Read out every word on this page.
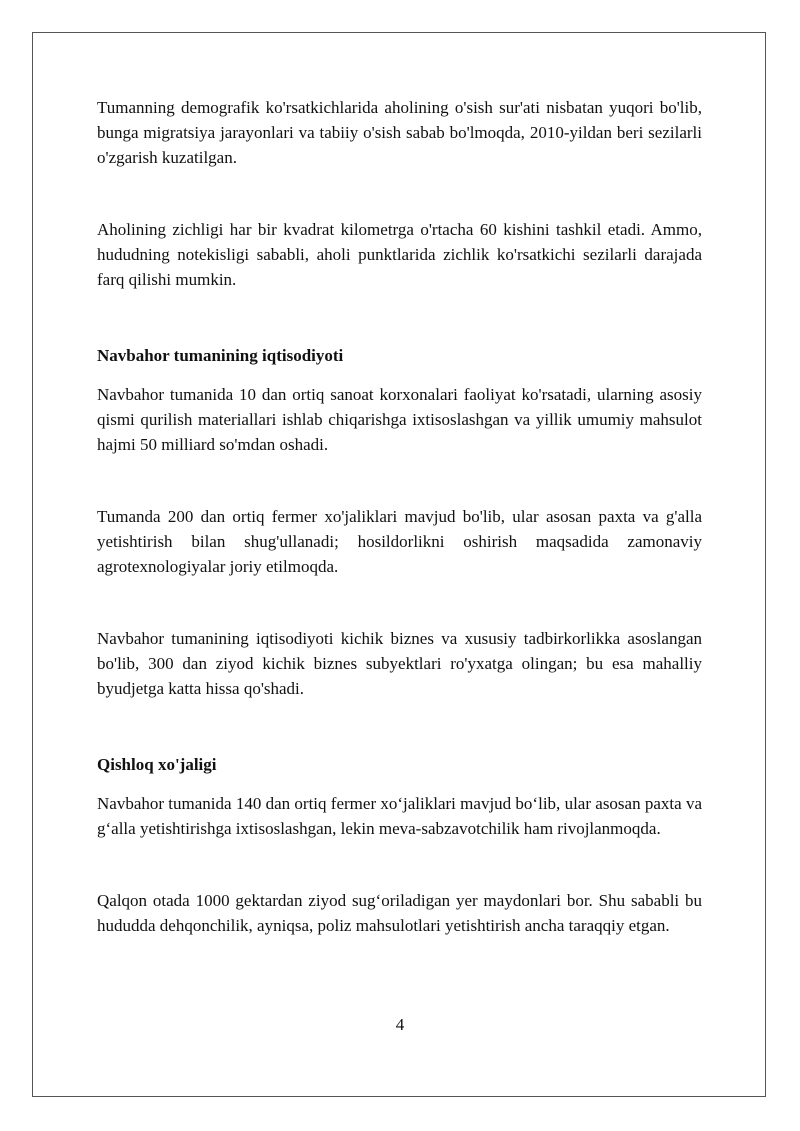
Tumanning demografik ko'rsatkichlarida aholining o'sish sur'ati nisbatan yuqori bo'lib, bunga migratsiya jarayonlari va tabiiy o'sish sabab bo'lmoqda, 2010-yildan beri sezilarli o'zgarish kuzatilgan.

Aholining zichligi har bir kvadrat kilometrga o'rtacha 60 kishini tashkil etadi. Ammo, hududning notekisligi sababli, aholi punktlarida zichlik ko'rsatkichi sezilarli darajada farq qilishi mumkin.

Navbahor tumanining iqtisodiyoti

Navbahor tumanida 10 dan ortiq sanoat korxonalari faoliyat ko'rsatadi, ularning asosiy qismi qurilish materiallari ishlab chiqarishga ixtisoslashgan va yillik umumiy mahsulot hajmi 50 milliard so'mdan oshadi.

Tumanda 200 dan ortiq fermer xo'jaliklari mavjud bo'lib, ular asosan paxta va g'alla yetishtirish bilan shug'ullanadi; hosildorlikni oshirish maqsadida zamonaviy agrotexnologiyalar joriy etilmoqda.

Navbahor tumanining iqtisodiyoti kichik biznes va xususiy tadbirkorlikka asoslangan bo'lib, 300 dan ziyod kichik biznes subyektlari ro'yxatga olingan; bu esa mahalliy byudjetga katta hissa qo'shadi.

Qishloq xo'jaligi

Navbahor tumanida 140 dan ortiq fermer xo‘jaliklari mavjud bo‘lib, ular asosan paxta va g‘alla yetishtirishga ixtisoslashgan, lekin meva-sabzavotchilik ham rivojlanmoqda.

Qalqon otada 1000 gektardan ziyod sug‘oriladigan yer maydonlari bor. Shu sababli bu hududda dehqonchilik, ayniqsa, poliz mahsulotlari yetishtirish ancha taraqqiy etgan.

4
